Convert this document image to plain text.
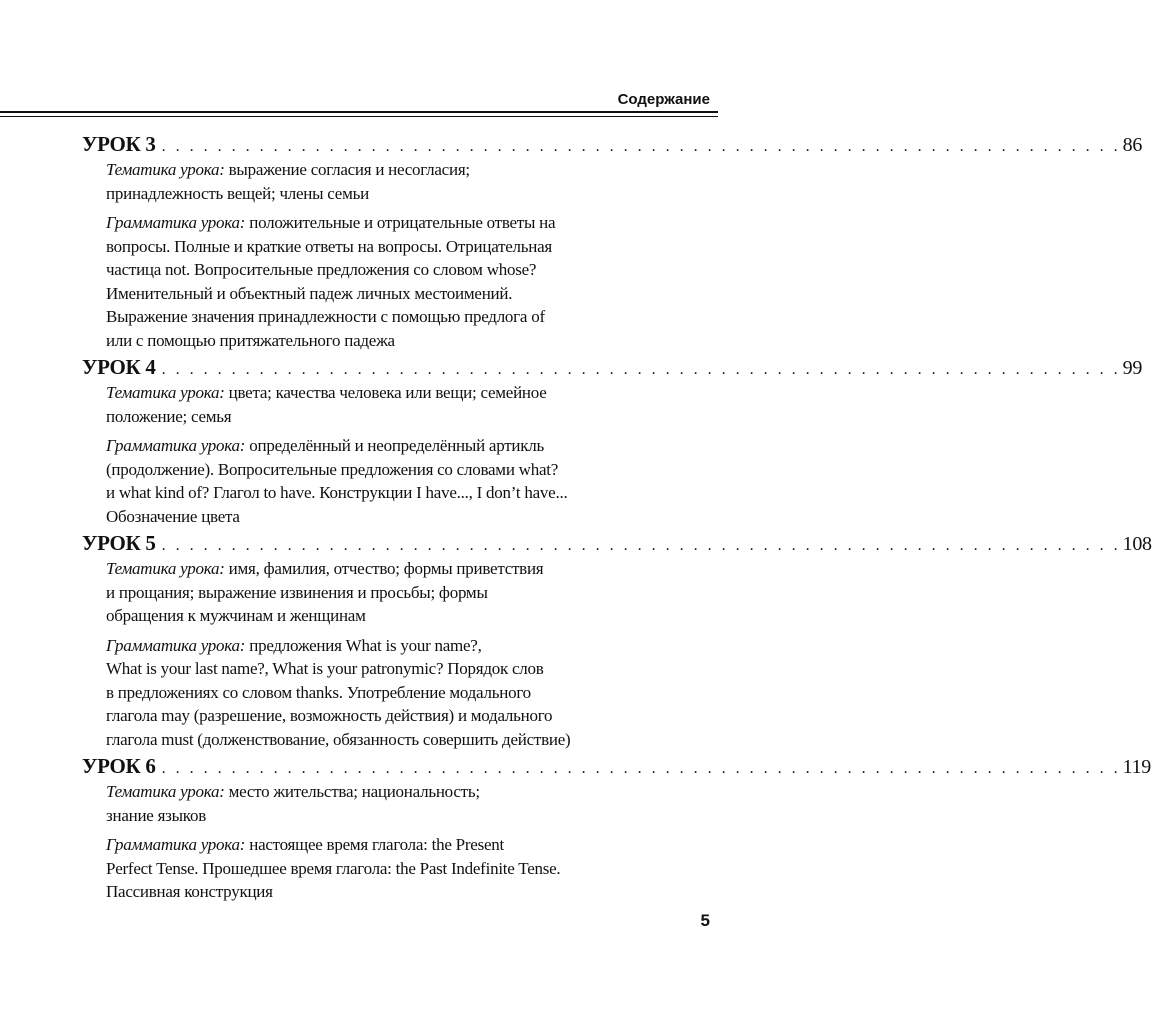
Содержание
УРОК 3 . . . . . . . . . . . . . . . . . . . . . . . . . . . . . . . . . . . . . . . . . . . . . . . . . . . . . . . . . . . . . . . . . . . . . 86
Тематика урока: выражение согласия и несогласия;
принадлежность вещей; члены семьи
Грамматика урока: положительные и отрицательные ответы на
вопросы. Полные и краткие ответы на вопросы. Отрицательная
частица not. Вопросительные предложения со словом whose?
Именительный и объектный падеж личных местоимений.
Выражение значения принадлежности с помощью предлога of
или с помощью притяжательного падежа
УРОК 4 . . . . . . . . . . . . . . . . . . . . . . . . . . . . . . . . . . . . . . . . . . . . . . . . . . . . . . . . . . . . . . . . . . . . . 99
Тематика урока: цвета; качества человека или вещи; семейное
положение; семья
Грамматика урока: определённый и неопределённый артикль
(продолжение). Вопросительные предложения со словами what?
и what kind of? Глагол to have. Конструкции I have..., I don’t have...
Обозначение цвета
УРОК 5 . . . . . . . . . . . . . . . . . . . . . . . . . . . . . . . . . . . . . . . . . . . . . . . . . . . . . . . . . . . . . . . . . . . . . 108
Тематика урока: имя, фамилия, отчество; формы приветствия
и прощания; выражение извинения и просьбы; формы
обращения к мужчинам и женщинам
Грамматика урока: предложения What is your name?,
What is your last name?, What is your patronymic? Порядок слов
в предложениях со словом thanks. Употребление модального
глагола may (разрешение, возможность действия) и модального
глагола must (долженствование, обязанность совершить действие)
УРОК 6 . . . . . . . . . . . . . . . . . . . . . . . . . . . . . . . . . . . . . . . . . . . . . . . . . . . . . . . . . . . . . . . . . . . . . 119
Тематика урока: место жительства; национальность;
знание языков
Грамматика урока: настоящее время глагола: the Present
Perfect Tense. Прошедшее время глагола: the Past Indefinite Tense.
Пассивная конструкция
5
